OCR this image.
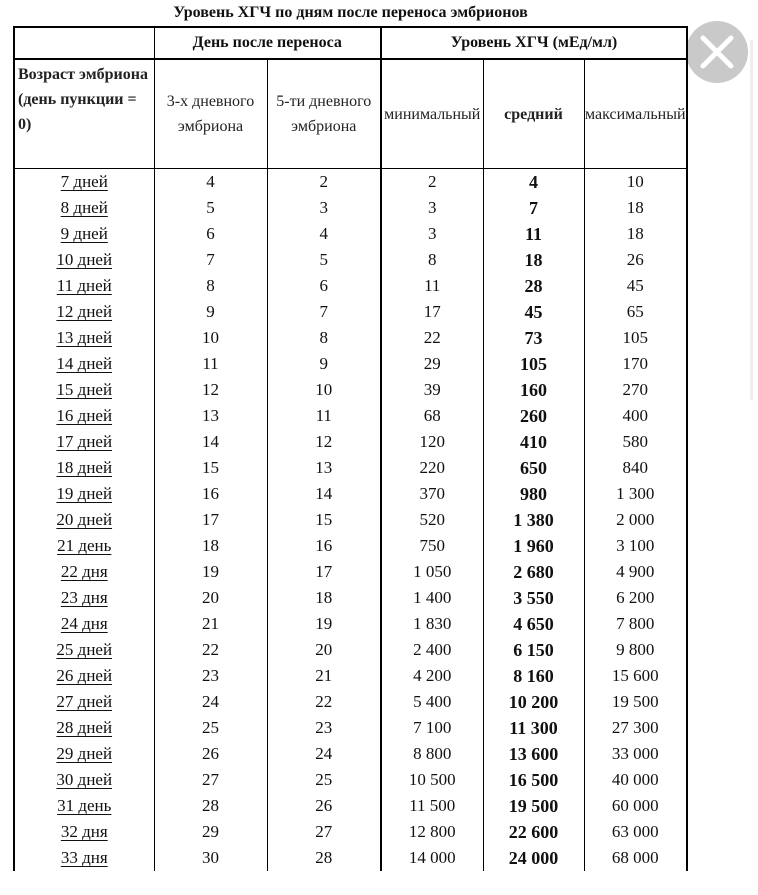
Уровень ХГЧ по дням после переноса эмбрионов					
	День после переноса		Уровень ХГЧ (мЕд/мл)		
Возраст эмбриона (день пункции = 0)	3-х дневного эмбриона	5-ти дневного эмбриона	минимальный	средний	максимальный
7 дней	4	2	2	4	10
8 дней	5	3	3	7	18
9 дней	6	4	3	11	18
10 дней	7	5	8	18	26
11 дней	8	6	11	28	45
12 дней	9	7	17	45	65
13 дней	10	8	22	73	105
14 дней	11	9	29	105	170
15 дней	12	10	39	160	270
16 дней	13	11	68	260	400
17 дней	14	12	120	410	580
18 дней	15	13	220	650	840
19 дней	16	14	370	980	1 300
20 дней	17	15	520	1 380	2 000
21 день	18	16	750	1 960	3 100
22 дня	19	17	1 050	2 680	4 900
23 дня	20	18	1 400	3 550	6 200
24 дня	21	19	1 830	4 650	7 800
25 дней	22	20	2 400	6 150	9 800
26 дней	23	21	4 200	8 160	15 600
27 дней	24	22	5 400	10 200	19 500
28 дней	25	23	7 100	11 300	27 300
29 дней	26	24	8 800	13 600	33 000
30 дней	27	25	10 500	16 500	40 000
31 день	28	26	11 500	19 500	60 000
32 дня	29	27	12 800	22 600	63 000
33 дня	30	28	14 000	24 000	68 000
